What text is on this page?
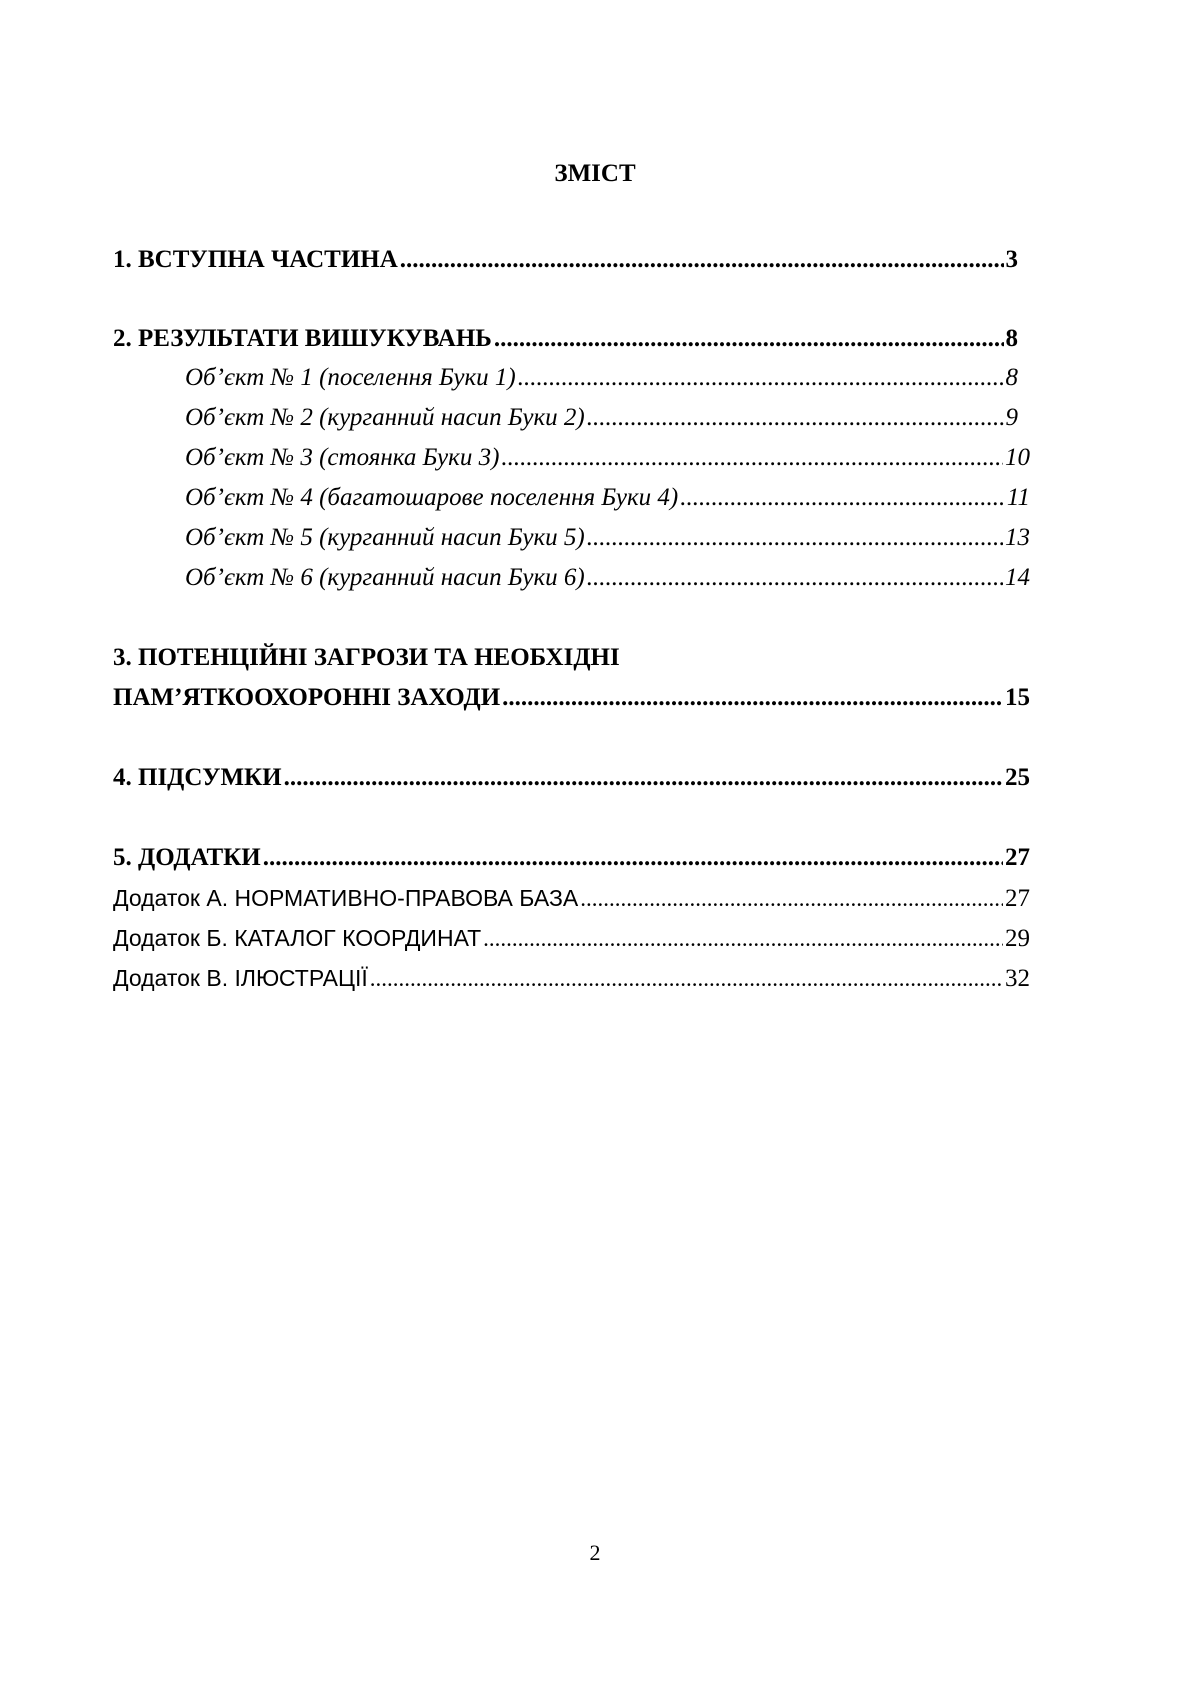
ЗМІСТ
1. ВСТУПНА ЧАСТИНА .....	3
2. РЕЗУЛЬТАТИ ВИШУКУВАНЬ .....	8
Об’єкт № 1 (поселення Буки 1) .....	8
Об’єкт № 2 (курганний насип Буки 2) .....	9
Об’єкт № 3 (стоянка Буки 3) .....	10
Об’єкт № 4 (багатошарове поселення Буки 4) .....	11
Об’єкт № 5 (курганний насип Буки 5) .....	13
Об’єкт № 6 (курганний насип Буки 6) .....	14
3. ПОТЕНЦІЙНІ ЗАГРОЗИ ТА НЕОБХІДНІ
ПАМ’ЯТКООХОРОННІ ЗАХОДИ .....	15
4. ПІДСУМКИ .....	25
5. ДОДАТКИ .....	27
Додаток А. НОРМАТИВНО-ПРАВОВА БАЗА .....	27
Додаток Б. КАТАЛОГ КООРДИНАТ .....	29
Додаток В. ІЛЮСТРАЦІЇ .....	32
2
